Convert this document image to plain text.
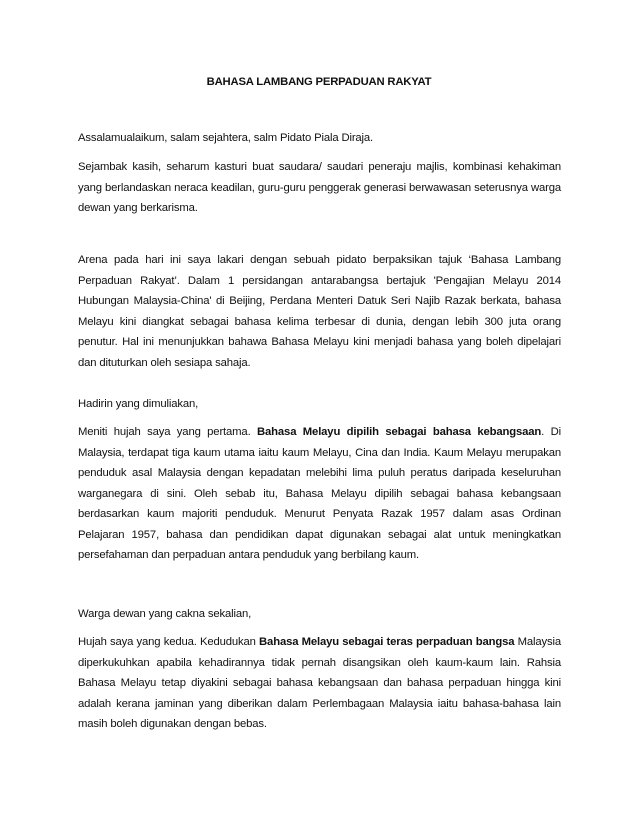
BAHASA LAMBANG PERPADUAN RAKYAT
Assalamualaikum, salam sejahtera, salm Pidato Piala Diraja.
Sejambak kasih, seharum kasturi buat saudara/ saudari peneraju majlis, kombinasi kehakiman yang berlandaskan neraca keadilan, guru-guru penggerak generasi berwawasan seterusnya warga dewan yang berkarisma.
Arena pada hari ini saya lakari dengan sebuah pidato berpaksikan tajuk ‘Bahasa Lambang Perpaduan Rakyat’. Dalam 1 persidangan antarabangsa bertajuk 'Pengajian Melayu 2014 Hubungan Malaysia-China' di Beijing, Perdana Menteri Datuk Seri Najib Razak berkata, bahasa Melayu kini diangkat sebagai bahasa kelima terbesar di dunia, dengan lebih 300 juta orang penutur. Hal ini menunjukkan bahawa Bahasa Melayu kini menjadi bahasa yang boleh dipelajari dan dituturkan oleh sesiapa sahaja.
Hadirin yang dimuliakan,
Meniti hujah saya yang pertama. Bahasa Melayu dipilih sebagai bahasa kebangsaan. Di Malaysia, terdapat tiga kaum utama iaitu kaum Melayu, Cina dan India. Kaum Melayu merupakan penduduk asal Malaysia dengan kepadatan melebihi lima puluh peratus daripada keseluruhan warganegara di sini. Oleh sebab itu, Bahasa Melayu dipilih sebagai bahasa kebangsaan berdasarkan kaum majoriti penduduk. Menurut Penyata Razak 1957 dalam asas Ordinan Pelajaran 1957, bahasa dan pendidikan dapat digunakan sebagai alat untuk meningkatkan persefahaman dan perpaduan antara penduduk yang berbilang kaum.
Warga dewan yang cakna sekalian,
Hujah saya yang kedua. Kedudukan Bahasa Melayu sebagai teras perpaduan bangsa Malaysia diperkukuhkan apabila kehadirannya tidak pernah disangsikan oleh kaum-kaum lain. Rahsia Bahasa Melayu tetap diyakini sebagai bahasa kebangsaan dan bahasa perpaduan hingga kini adalah kerana jaminan yang diberikan dalam Perlembagaan Malaysia iaitu bahasa-bahasa lain masih boleh digunakan dengan bebas.
